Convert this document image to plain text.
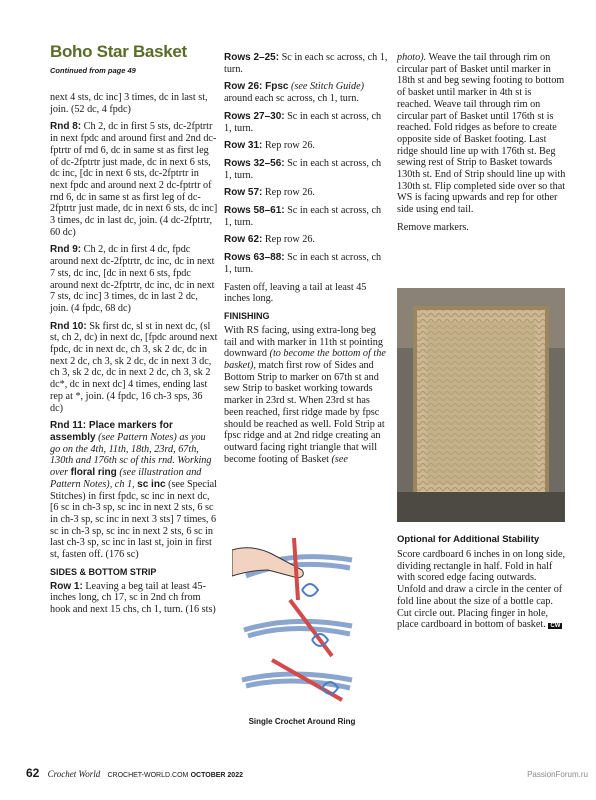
Boho Star Basket
Continued from page 49

next 4 sts, dc inc] 3 times, dc in last st, join. (52 dc, 4 fpdc)

Rnd 8: Ch 2, dc in first 5 sts, dc-2fptrtr in next fpdc and around first and 2nd dc-fptrtr of rnd 6, dc in same st as first leg of dc-2fptrtr just made, dc in next 6 sts, dc inc, [dc in next 6 sts, dc-2fptrtr in next fpdc and around next 2 dc-fptrtr of rnd 6, dc in same st as first leg of dc-2fptrtr just made, dc in next 6 sts, dc inc] 3 times, dc in last dc, join. (4 dc-2fptrtr, 60 dc)

Rnd 9: Ch 2, dc in first 4 dc, fpdc around next dc-2fptrtr, dc inc, dc in next 7 sts, dc inc, [dc in next 6 sts, fpdc around next dc-2fptrtr, dc inc, dc in next 7 sts, dc inc] 3 times, dc in last 2 dc, join. (4 fpdc, 68 dc)

Rnd 10: Sk first dc, sl st in next dc, (sl st, ch 2, dc) in next dc, [fpdc around next fpdc, dc in next dc, ch 3, sk 2 dc, dc in next 2 dc, ch 3, sk 2 dc, dc in next 3 dc, ch 3, sk 2 dc, dc in next 2 dc, ch 3, sk 2 dc*, dc in next dc] 4 times, ending last rep at *, join. (4 fpdc, 16 ch-3 sps, 36 dc)

Rnd 11: Place markers for assembly (see Pattern Notes) as you go on the 4th, 11th, 18th, 23rd, 67th, 130th and 176th sc of this rnd. Working over floral ring (see illustration and Pattern Notes), ch 1, sc inc (see Special Stitches) in first fpdc, sc inc in next dc, [6 sc in ch-3 sp, sc inc in next 2 sts, 6 sc in ch-3 sp, sc inc in next 3 sts] 7 times, 6 sc in ch-3 sp, sc inc in next 2 sts, 6 sc in last ch-3 sp, sc inc in last st, join in first st, fasten off. (176 sc)

SIDES & BOTTOM STRIP

Row 1: Leaving a beg tail at least 45-inches long, ch 17, sc in 2nd ch from hook and next 15 chs, ch 1, turn. (16 sts)

Rows 2–25: Sc in each sc across, ch 1, turn.

Row 26: Fpsc (see Stitch Guide) around each sc across, ch 1, turn.

Rows 27–30: Sc in each st across, ch 1, turn.

Row 31: Rep row 26.

Rows 32–56: Sc in each st across, ch 1, turn.

Row 57: Rep row 26.

Rows 58–61: Sc in each st across, ch 1, turn.

Row 62: Rep row 26.

Rows 63–88: Sc in each st across, ch 1, turn.

Fasten off, leaving a tail at least 45 inches long.

FINISHING

With RS facing, using extra-long beg tail and with marker in 11th st pointing downward (to become the bottom of the basket), match first row of Sides and Bottom Strip to marker on 67th st and sew Strip to basket working towards marker in 23rd st. When 23rd st has been reached, first ridge made by fpsc should be reached as well. Fold Strip at fpsc ridge and at 2nd ridge creating an outward facing right triangle that will become footing of Basket (see

Single Crochet Around Ring

photo). Weave the tail through rim on circular part of Basket until marker in 18th st and beg sewing footing to bottom of basket until marker in 4th st is reached. Weave tail through rim on circular part of Basket until 176th st is reached. Fold ridges as before to create opposite side of Basket footing. Last ridge should line up with 176th st. Beg sewing rest of Strip to Basket towards 130th st. End of Strip should line up with 130th st. Flip completed side over so that WS is facing upwards and rep for other side using end tail.

Remove markers.

Optional for Additional Stability

Score cardboard 6 inches in on long side, dividing rectangle in half. Fold in half with scored edge facing outwards. Unfold and draw a circle in the center of fold line about the size of a bottle cap. Cut circle out. Placing finger in hole, place cardboard in bottom of basket. CW

62 Crochet World CROCHET-WORLD.COM OCTOBER 2022	PassionForum.ru
